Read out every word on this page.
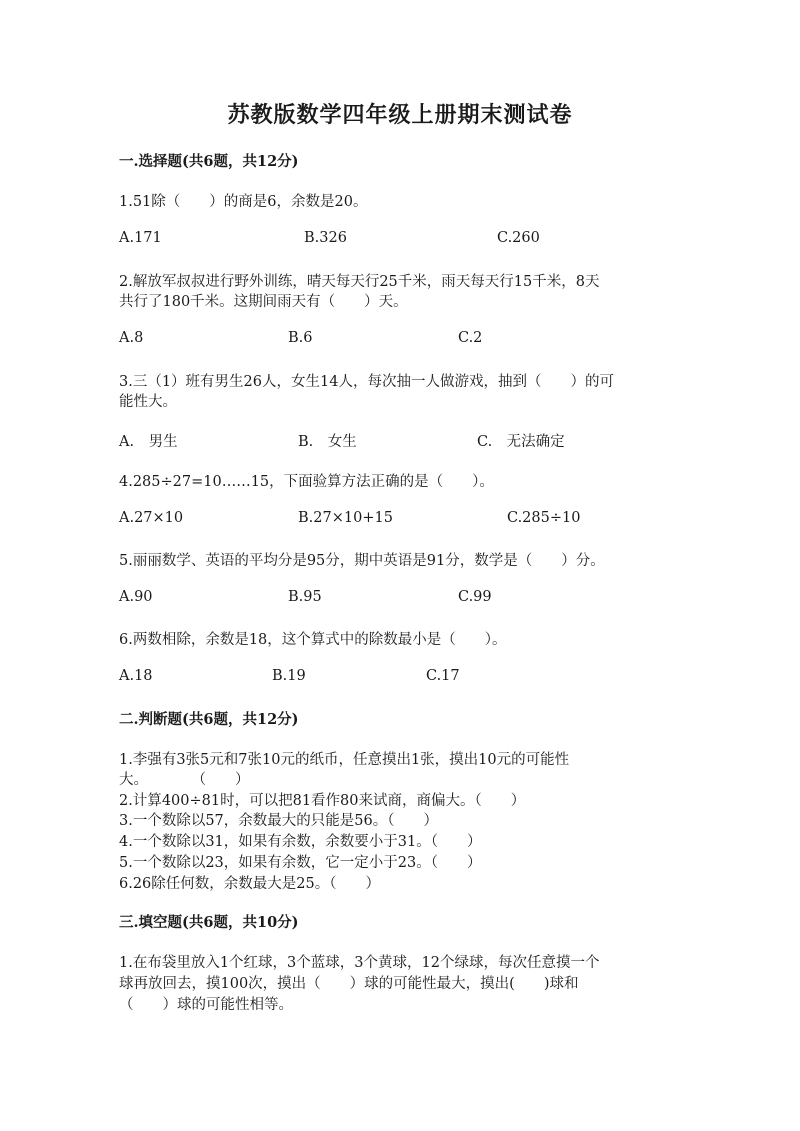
苏教版数学四年级上册期末测试卷
一.选择题(共6题，共12分)
1.51除（　　）的商是6，余数是20。
A.171	B.326	C.260
2.解放军叔叔进行野外训练，晴天每天行25千米，雨天每天行15千米，8天
共行了180千米。这期间雨天有（　　）天。
A.8	B.6	C.2
3.三（1）班有男生26人，女生14人，每次抽一人做游戏，抽到（　　）的可
能性大。
A.　男生	B.　女生	C.　无法确定
4.285÷27=10……15，下面验算方法正确的是（　　）。
A.27×10	B.27×10+15	C.285÷10
5.丽丽数学、英语的平均分是95分，期中英语是91分，数学是（　　）分。
A.90	B.95	C.99
6.两数相除，余数是18，这个算式中的除数最小是（　　）。
A.18	B.19	C.17
二.判断题(共6题，共12分)
1.李强有3张5元和7张10元的纸币，任意摸出1张，摸出10元的可能性
大。　　　　（　　）
2.计算400÷81时，可以把81看作80来试商，商偏大。（　　）
3.一个数除以57，余数最大的只能是56。（　　）
4.一个数除以31，如果有余数，余数要小于31。（　　）
5.一个数除以23，如果有余数，它一定小于23。（　　）
6.26除任何数，余数最大是25。（　　）
三.填空题(共6题，共10分)
1.在布袋里放入1个红球，3个蓝球，3个黄球，12个绿球，每次任意摸一个
球再放回去，摸100次，摸出（　　）球的可能性最大，摸出(　　)球和
（　　）球的可能性相等。
